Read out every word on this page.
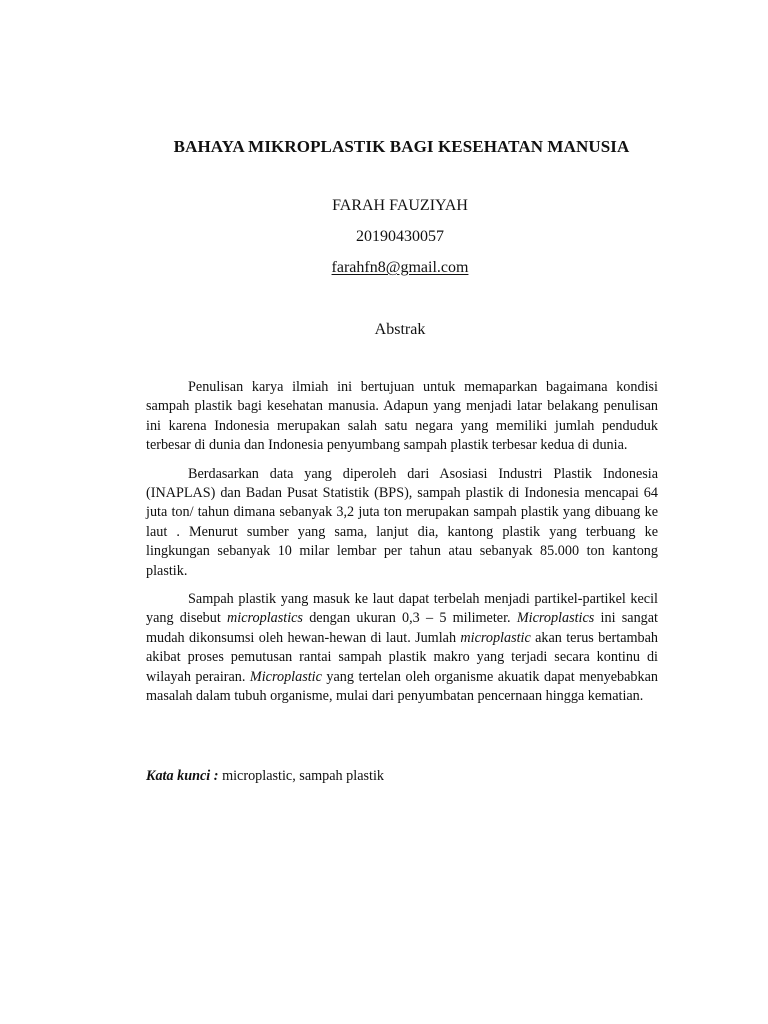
BAHAYA MIKROPLASTIK BAGI KESEHATAN MANUSIA
FARAH FAUZIYAH
20190430057
farahfn8@gmail.com
Abstrak

Penulisan karya ilmiah ini bertujuan untuk memaparkan bagaimana kondisi sampah plastik bagi kesehatan manusia. Adapun yang menjadi latar belakang penulisan ini karena Indonesia merupakan salah satu negara yang memiliki jumlah penduduk terbesar di dunia dan Indonesia penyumbang sampah plastik terbesar kedua di dunia.

Berdasarkan data yang diperoleh dari Asosiasi Industri Plastik Indonesia (INAPLAS) dan Badan Pusat Statistik (BPS), sampah plastik di Indonesia mencapai 64 juta ton/ tahun dimana sebanyak 3,2 juta ton merupakan sampah plastik yang dibuang ke laut . Menurut sumber yang sama, lanjut dia, kantong plastik yang terbuang ke lingkungan sebanyak 10 milar lembar per tahun atau sebanyak 85.000 ton kantong plastik.

Sampah plastik yang masuk ke laut dapat terbelah menjadi partikel-partikel kecil yang disebut microplastics dengan ukuran 0,3 – 5 milimeter. Microplastics ini sangat mudah dikonsumsi oleh hewan-hewan di laut. Jumlah microplastic akan terus bertambah akibat proses pemutusan rantai sampah plastik makro yang terjadi secara kontinu di wilayah perairan. Microplastic yang tertelan oleh organisme akuatik dapat menyebabkan masalah dalam tubuh organisme, mulai dari penyumbatan pencernaan hingga kematian.

Kata kunci : microplastic, sampah plastik
